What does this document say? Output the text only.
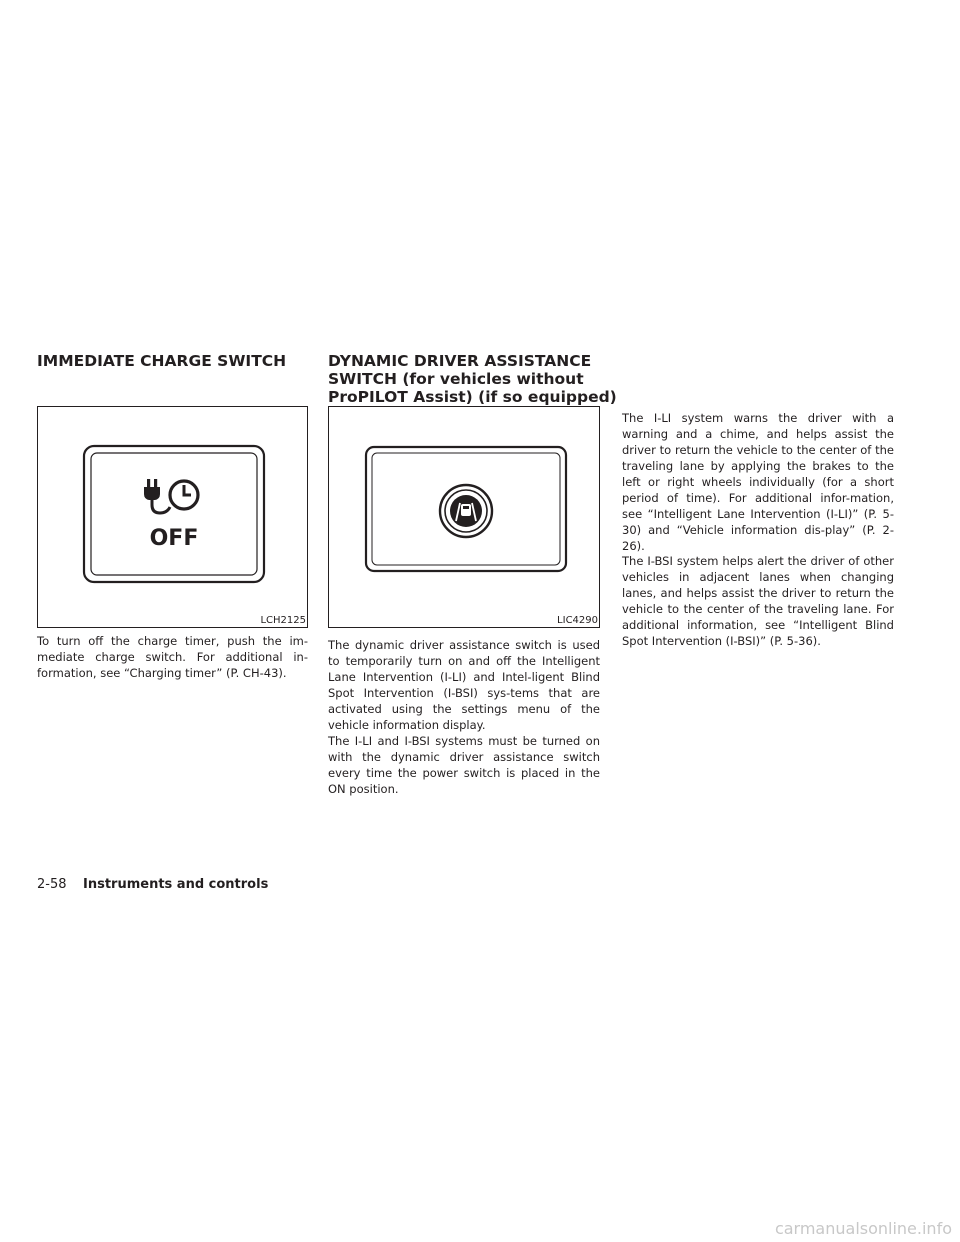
IMMEDIATE CHARGE SWITCH
OFF
LCH2125

To turn off the charge timer, push the im-mediate charge switch. For additional in-formation, see “Charging timer” (P. CH-43).

DYNAMIC DRIVER ASSISTANCE
SWITCH (for vehicles without
ProPILOT Assist) (if so equipped)
LIC4290

The dynamic driver assistance switch is used to temporarily turn on and off the Intelligent Lane Intervention (I-LI) and Intel-ligent Blind Spot Intervention (I-BSI) sys-tems that are activated using the settings menu of the vehicle information display.

The I-LI and I-BSI systems must be turned on with the dynamic driver assistance switch every time the power switch is placed in the ON position.

The I-LI system warns the driver with a warning and a chime, and helps assist the driver to return the vehicle to the center of the traveling lane by applying the brakes to the left or right wheels individually (for a short period of time). For additional infor-mation, see “Intelligent Lane Intervention (I-LI)” (P. 5-30) and “Vehicle information dis-play” (P. 2-26).

The I-BSI system helps alert the driver of other vehicles in adjacent lanes when changing lanes, and helps assist the driver to return the vehicle to the center of the traveling lane. For additional information, see “Intelligent Blind Spot Intervention (I-BSI)” (P. 5-36).

2-58 Instruments and controls
carmanualsonline.info
